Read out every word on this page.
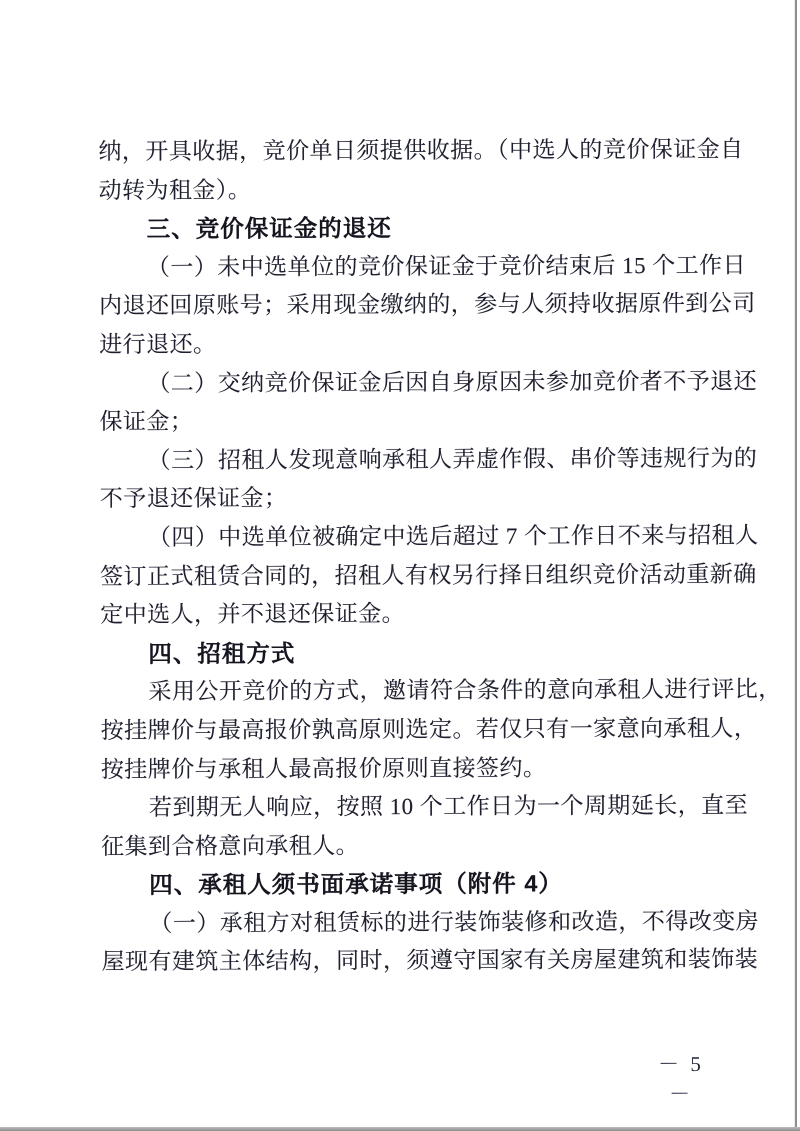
纳，开具收据，竞价单日须提供收据。（中选人的竞价保证金自
动转为租金）。
三、竞价保证金的退还
（一）未中选单位的竞价保证金于竞价结束后 15 个工作日
内退还回原账号；采用现金缴纳的，参与人须持收据原件到公司
进行退还。
（二）交纳竞价保证金后因自身原因未参加竞价者不予退还
保证金；
（三）招租人发现意响承租人弄虚作假、串价等违规行为的
不予退还保证金；
（四）中选单位被确定中选后超过 7 个工作日不来与招租人
签订正式租赁合同的，招租人有权另行择日组织竞价活动重新确
定中选人，并不退还保证金。
四、招租方式
采用公开竞价的方式，邀请符合条件的意向承租人进行评比，
按挂牌价与最高报价孰高原则选定。若仅只有一家意向承租人，
按挂牌价与承租人最高报价原则直接签约。
若到期无人响应，按照 10 个工作日为一个周期延长，直至
征集到合格意向承租人。
四、承租人须书面承诺事项（附件 4）
（一）承租方对租赁标的进行装饰装修和改造，不得改变房
屋现有建筑主体结构，同时，须遵守国家有关房屋建筑和装饰装
－ 5 －
